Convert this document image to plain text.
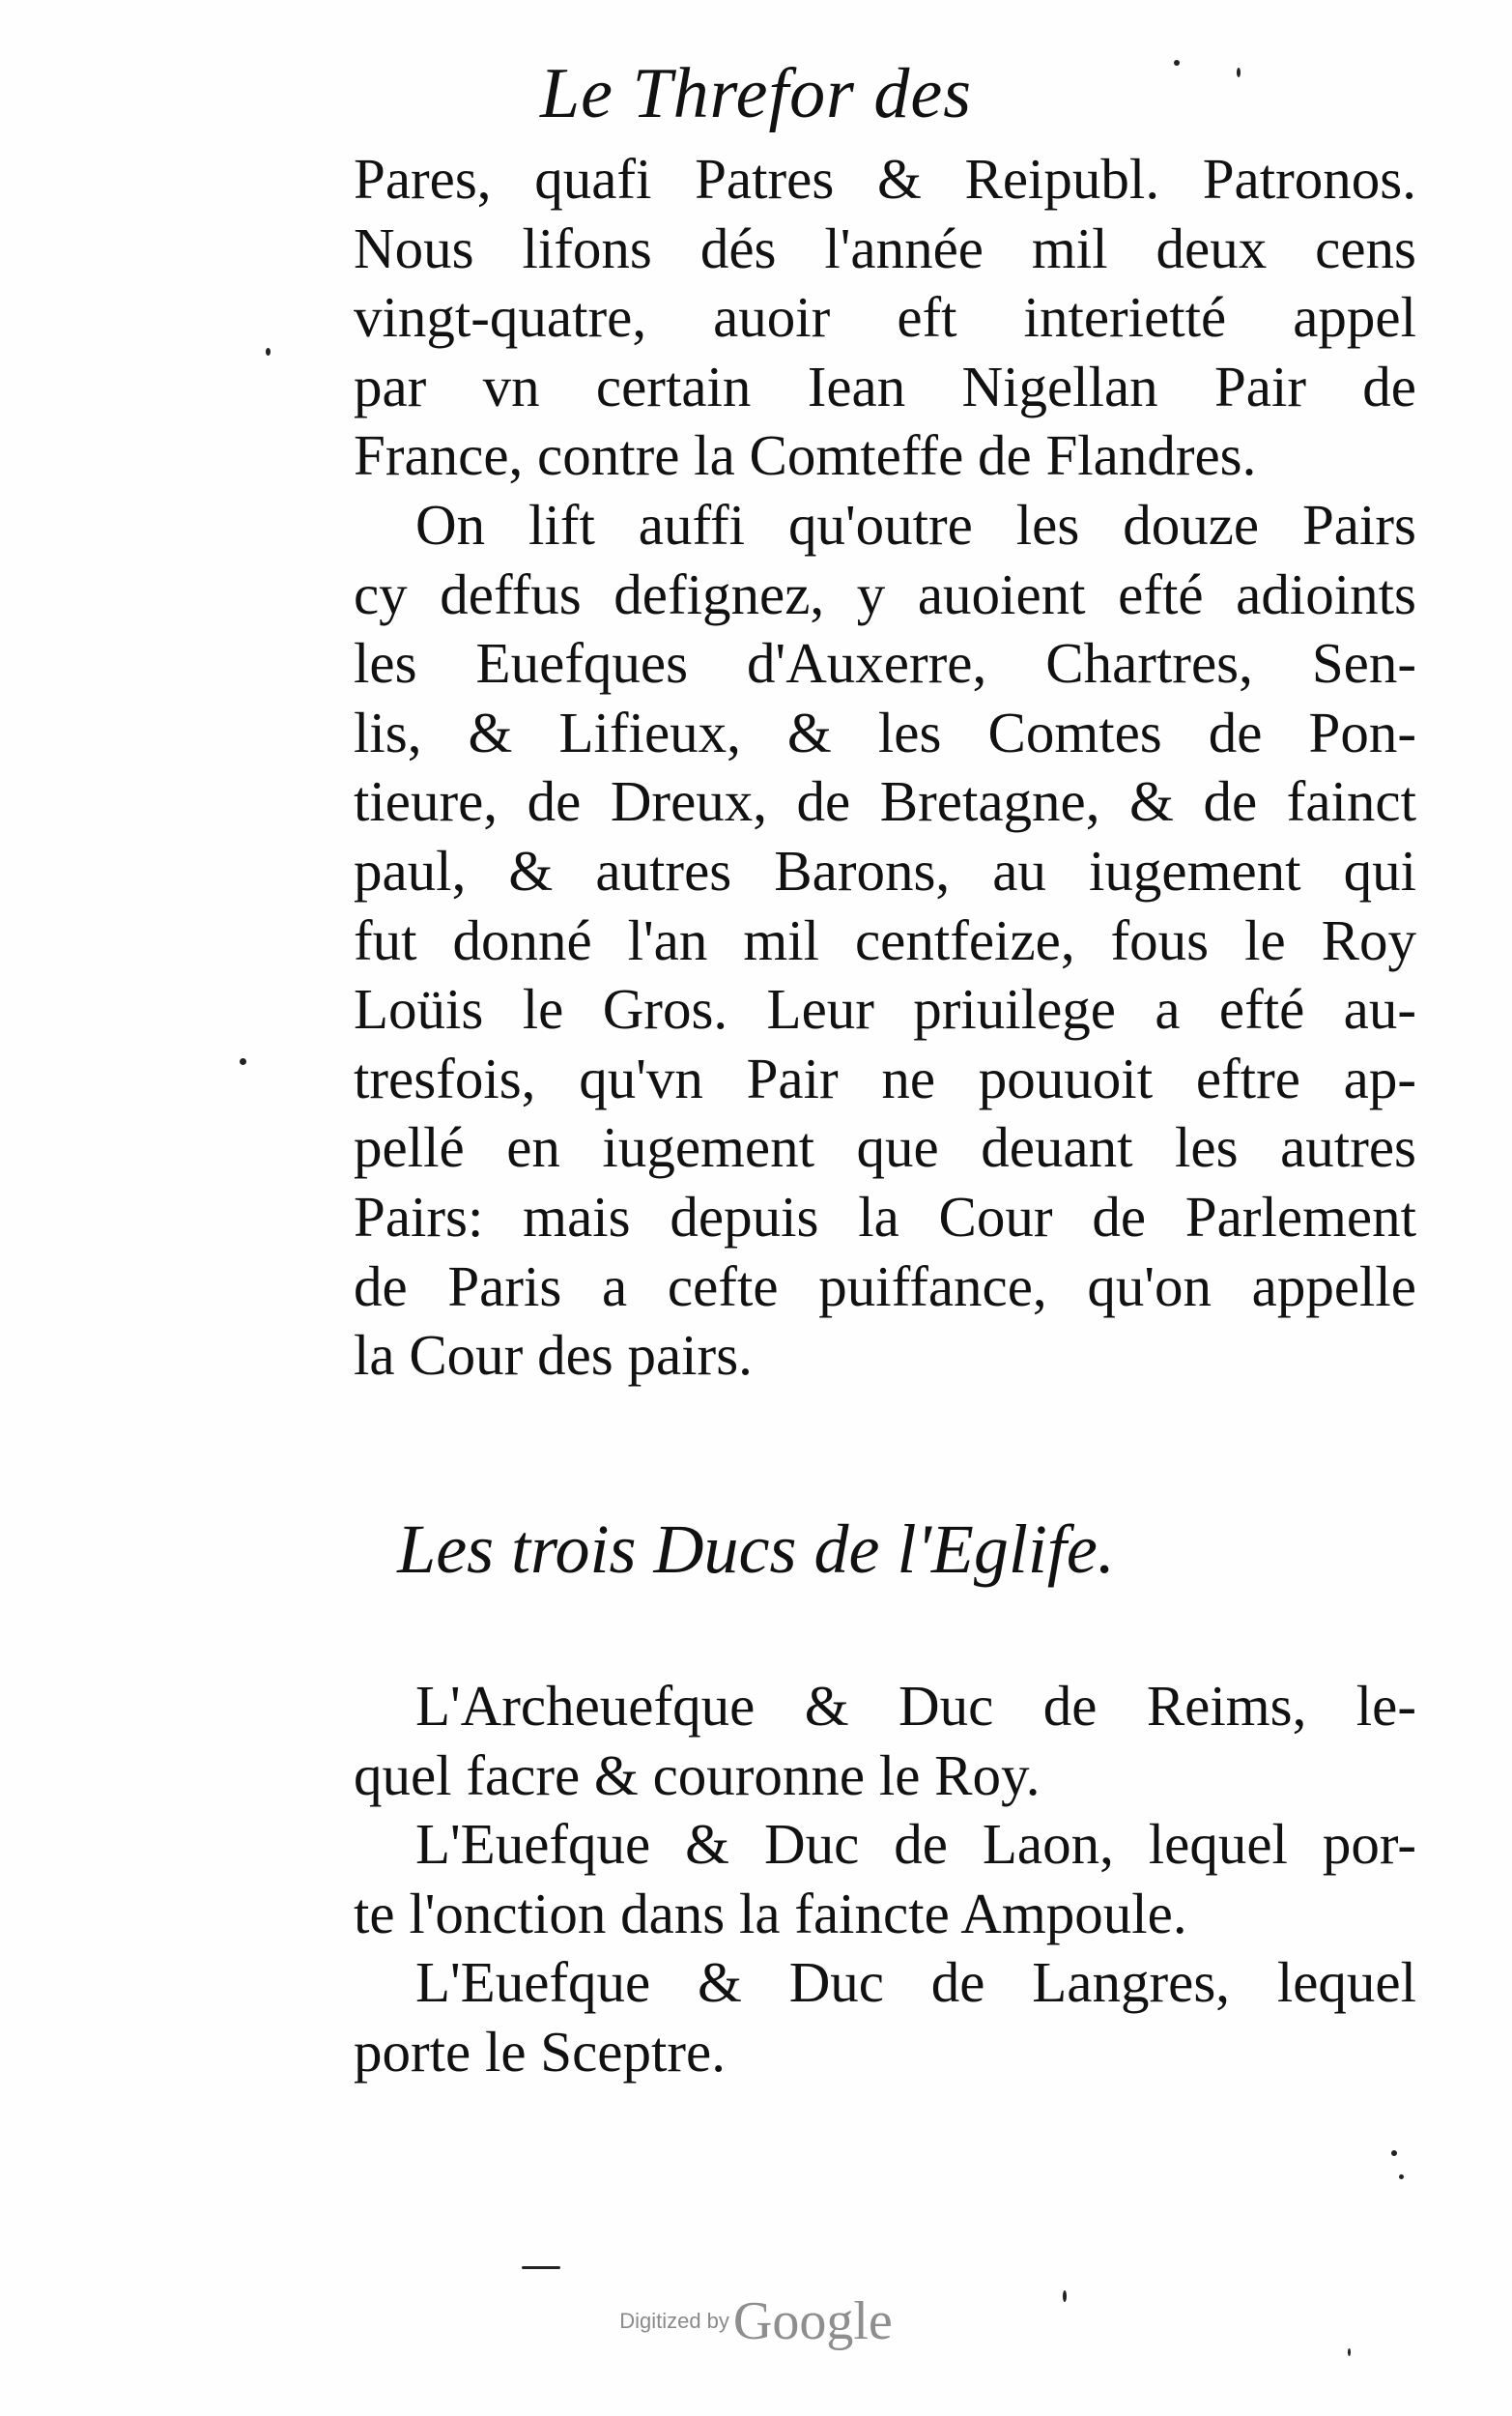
Le Threfor des
Pares, quafi Patres & Reipubl. Patronos.
Nous lifons dés l'année mil deux cens
vingt-quatre, auoir eft interietté appel
par vn certain Iean Nigellan Pair de
France, contre la Comteffe de Flandres.
On lift auffi qu'outre les douze Pairs
cy deffus defignez, y auoient efté adioints
les Euefques d'Auxerre, Chartres, Sen-
lis, & Lifieux, & les Comtes de Pon-
tieure, de Dreux, de Bretagne, & de fainct
paul, & autres Barons, au iugement qui
fut donné l'an mil centfeize, fous le Roy
Loüis le Gros. Leur priuilege a efté au-
tresfois, qu'vn Pair ne pouuoit eftre ap-
pellé en iugement que deuant les autres
Pairs: mais depuis la Cour de Parlement
de Paris a cefte puiffance, qu'on appelle
la Cour des pairs.
Les trois Ducs de l'Eglife.
L'Archeuefque & Duc de Reims, le-
quel facre & couronne le Roy.
L'Euefque & Duc de Laon, lequel por-
te l'onction dans la faincte Ampoule.
L'Euefque & Duc de Langres, lequel
porte le Sceptre.
Digitized by Google
